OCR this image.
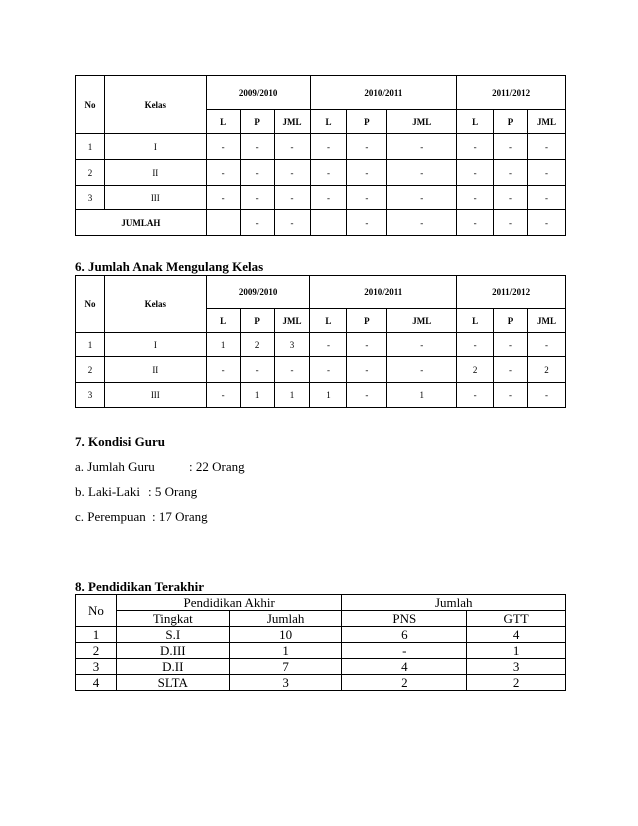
No	Kelas	2009/2010			2010/2011			2011/2012		
		L	P	JML	L	P	JML	L	P	JML
1	I	-	-	-	-	-	-	-	-	-
2	II	-	-	-	-	-	-	-	-	-
3	III	-	-	-	-	-	-	-	-	-
JUMLAH			-	-		-	-	-	-	-
6. Jumlah Anak Mengulang Kelas
No	Kelas	2009/2010			2010/2011			2011/2012		
		L	P	JML	L	P	JML	L	P	JML
1	I	1	2	3	-	-	-	-	-	-
2	II	-	-	-	-	-	-	2	-	2
3	III	-	1	1	1	-	1	-	-	-
7. Kondisi Guru
a. Jumlah Guru	: 22 Orang
b. Laki-Laki : 5 Orang
c. Perempuan : 17 Orang
8. Pendidikan Terakhir
No	Pendidikan Akhir		Jumlah	
	Tingkat	Jumlah	PNS	GTT
1	S.I	10	6	4
2	D.III	1	-	1
3	D.II	7	4	3
4	SLTA	3	2	2
